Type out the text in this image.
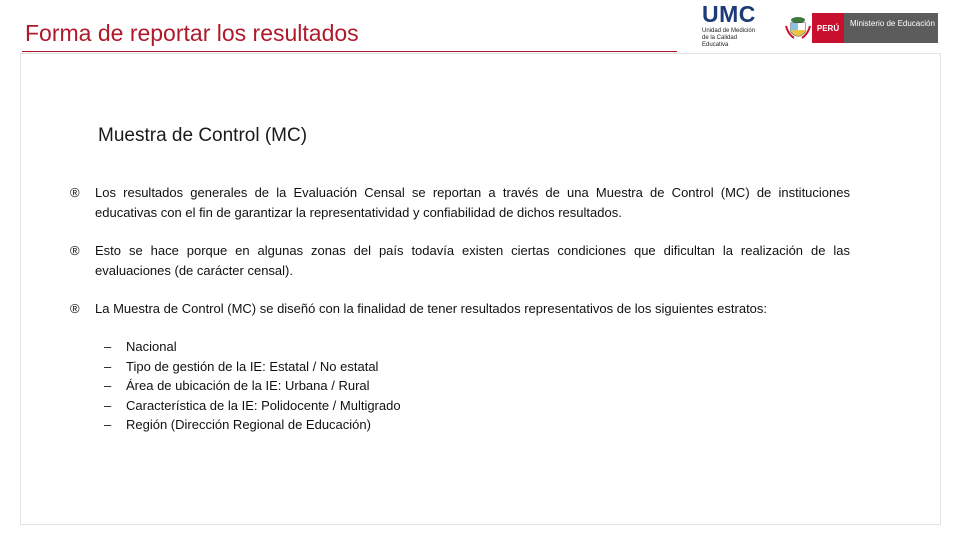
Forma de reportar los resultados
UMC
Unidad de Medición de la Calidad Educativa
PERÚ	Ministerio de Educación
Muestra de Control (MC)
® Los resultados generales de la Evaluación Censal se reportan a través de una Muestra de Control (MC) de instituciones educativas con el fin de garantizar la representatividad y confiabilidad de dichos resultados.
® Esto se hace porque en algunas zonas del país todavía existen ciertas condiciones que dificultan la realización de las evaluaciones (de carácter censal).
® La Muestra de Control (MC) se diseñó con la finalidad de tener resultados representativos de los siguientes estratos:
–	Nacional
–	Tipo de gestión de la IE: Estatal / No estatal
–	Área de ubicación de la IE: Urbana / Rural
–	Característica de la IE: Polidocente / Multigrado
–	Región (Dirección Regional de Educación)
